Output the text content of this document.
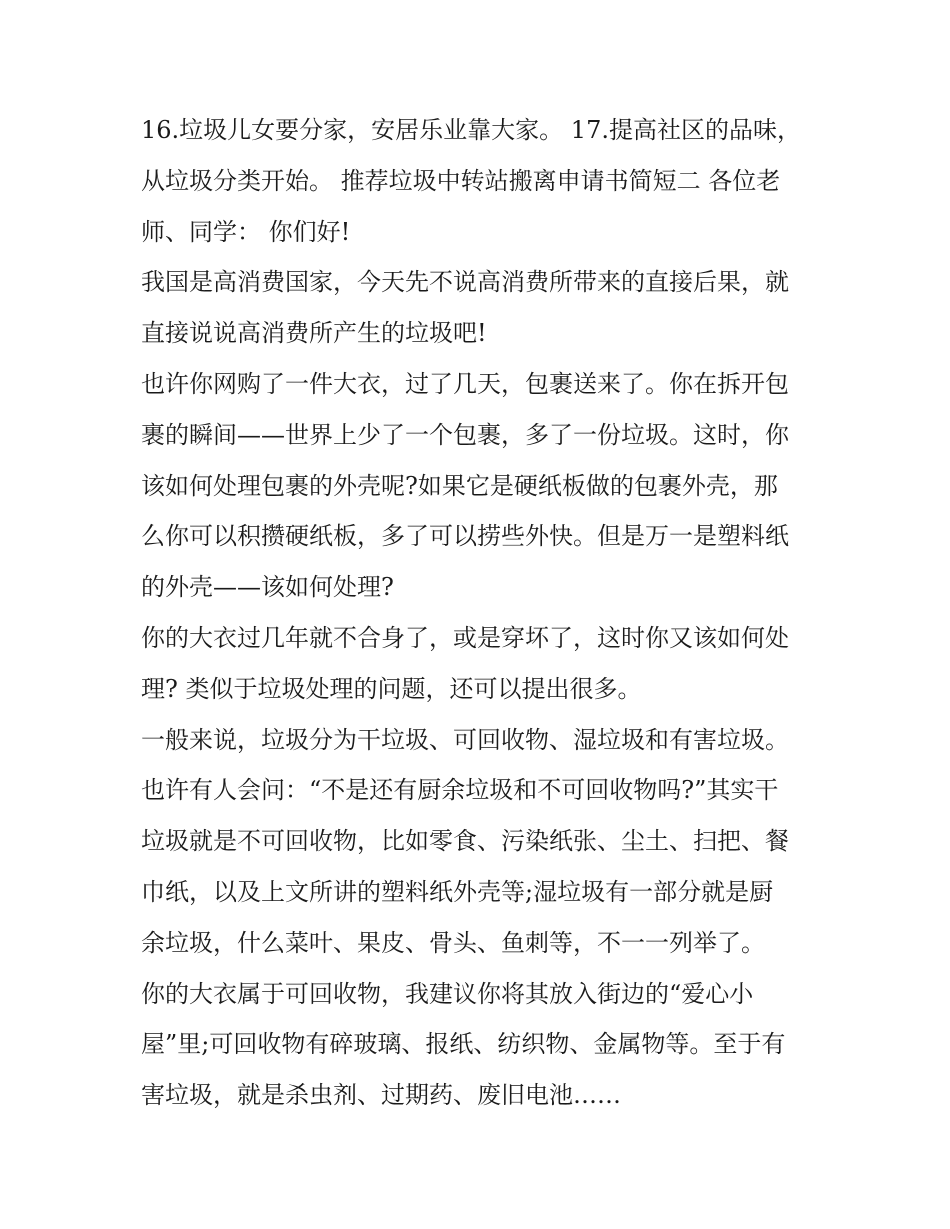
16.垃圾儿女要分家，安居乐业靠大家。 17.提高社区的品味，
从垃圾分类开始。 推荐垃圾中转站搬离申请书简短二 各位老
师、同学： 你们好!
我国是高消费国家，今天先不说高消费所带来的直接后果，就
直接说说高消费所产生的垃圾吧!
也许你网购了一件大衣，过了几天，包裹送来了。你在拆开包
裹的瞬间——世界上少了一个包裹，多了一份垃圾。这时，你
该如何处理包裹的外壳呢?如果它是硬纸板做的包裹外壳，那
么你可以积攒硬纸板，多了可以捞些外快。但是万一是塑料纸
的外壳——该如何处理?
你的大衣过几年就不合身了，或是穿坏了，这时你又该如何处
理? 类似于垃圾处理的问题，还可以提出很多。
一般来说，垃圾分为干垃圾、可回收物、湿垃圾和有害垃圾。
也许有人会问：“不是还有厨余垃圾和不可回收物吗?”其实干
垃圾就是不可回收物，比如零食、污染纸张、尘土、扫把、餐
巾纸，以及上文所讲的塑料纸外壳等;湿垃圾有一部分就是厨
余垃圾，什么菜叶、果皮、骨头、鱼刺等，不一一列举了。
你的大衣属于可回收物，我建议你将其放入街边的“爱心小
屋”里;可回收物有碎玻璃、报纸、纺织物、金属物等。至于有
害垃圾，就是杀虫剂、过期药、废旧电池……
